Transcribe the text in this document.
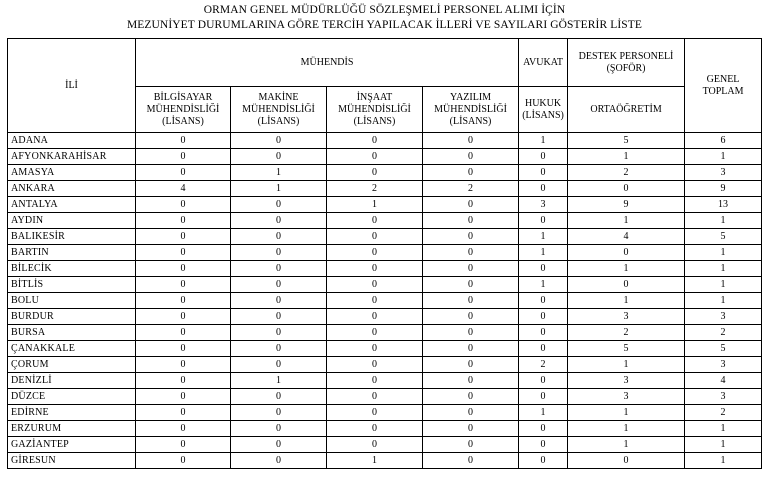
ORMAN GENEL MÜDÜRLÜĞÜ SÖZLEŞMELİ PERSONEL ALIMI İÇİN
MEZUNİYET DURUMLARINA GÖRE TERCİH YAPILACAK İLLERİ VE SAYILARI GÖSTERİR LİSTE
İLİ	MÜHENDİS				AVUKAT	DESTEK PERSONELİ (ŞOFÖR)	GENEL TOPLAM
	BİLGİSAYAR MÜHENDİSLİĞİ (LİSANS)	MAKİNE MÜHENDİSLİĞİ (LİSANS)	İNŞAAT MÜHENDİSLİĞİ (LİSANS)	YAZILIM MÜHENDİSLİĞİ (LİSANS)	HUKUK (LİSANS)	ORTAÖĞRETİM	
ADANA	0	0	0	0	1	5	6
AFYONKARAHİSAR	0	0	0	0	0	1	1
AMASYA	0	1	0	0	0	2	3
ANKARA	4	1	2	2	0	0	9
ANTALYA	0	0	1	0	3	9	13
AYDIN	0	0	0	0	0	1	1
BALIKESİR	0	0	0	0	1	4	5
BARTIN	0	0	0	0	1	0	1
BİLECİK	0	0	0	0	0	1	1
BİTLİS	0	0	0	0	1	0	1
BOLU	0	0	0	0	0	1	1
BURDUR	0	0	0	0	0	3	3
BURSA	0	0	0	0	0	2	2
ÇANAKKALE	0	0	0	0	0	5	5
ÇORUM	0	0	0	0	2	1	3
DENİZLİ	0	1	0	0	0	3	4
DÜZCE	0	0	0	0	0	3	3
EDİRNE	0	0	0	0	1	1	2
ERZURUM	0	0	0	0	0	1	1
GAZİANTEP	0	0	0	0	0	1	1
GİRESUN	0	0	1	0	0	0	1
